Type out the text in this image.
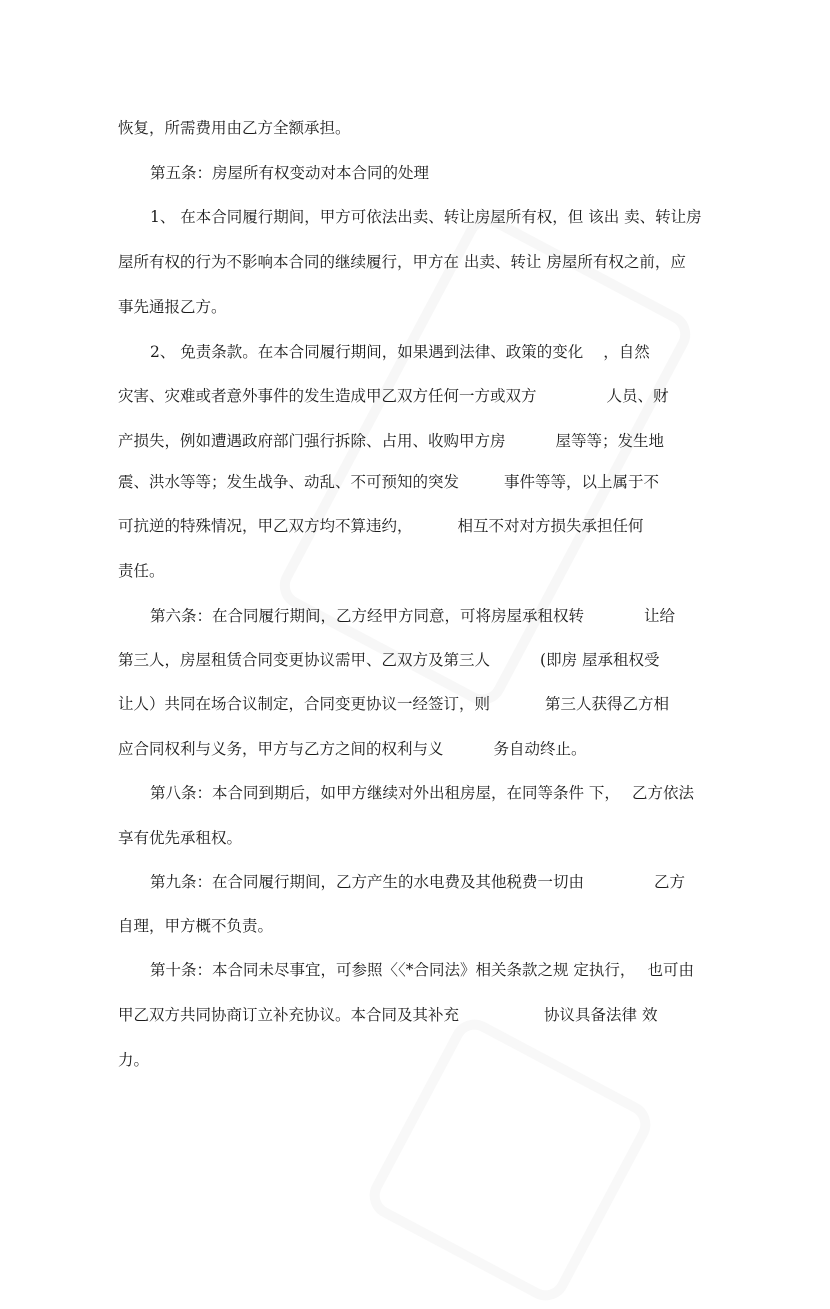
恢复，所需费用由乙方全额承担。
第五条：房屋所有权变动对本合同的处理
1、 在本合同履行期间，甲方可依法出卖、转让房屋所有权，但 该出 卖、转让房
屋所有权的行为不影响本合同的继续履行，甲方在 出卖、转让 房屋所有权之前，应
事先通报乙方。
2、 免责条款。在本合同履行期间，如果遇到法律、政策的变化 ，自然
灾害、灾难或者意外事件的发生造成甲乙双方任何一方或双方	人员、财
产损失，例如遭遇政府部门强行拆除、占用、收购甲方房	屋等等；发生地
震、洪水等等；发生战争、动乱、不可预知的突发	事件等等，以上属于不
可抗逆的特殊情况，甲乙双方均不算违约，	相互不对对方损失承担任何
责任。
第六条：在合同履行期间，乙方经甲方同意，可将房屋承租权转	让给
第三人，房屋租赁合同变更协议需甲、乙双方及第三人	(即房 屋承租权受
让人）共同在场合议制定，合同变更协议一经签订，则	第三人获得乙方相
应合同权利与义务，甲方与乙方之间的权利与义	务自动终止。
第八条：本合同到期后，如甲方继续对外出租房屋，在同等条件 下， 乙方依法
享有优先承租权。
第九条：在合同履行期间，乙方产生的水电费及其他税费一切由	乙方
自理，甲方概不负责。
第十条：本合同未尽事宜，可参照〈〈*合同法》相关条款之规 定执行， 也可由
甲乙双方共同协商订立补充协议。本合同及其补充	协议具备法律 效
力。
